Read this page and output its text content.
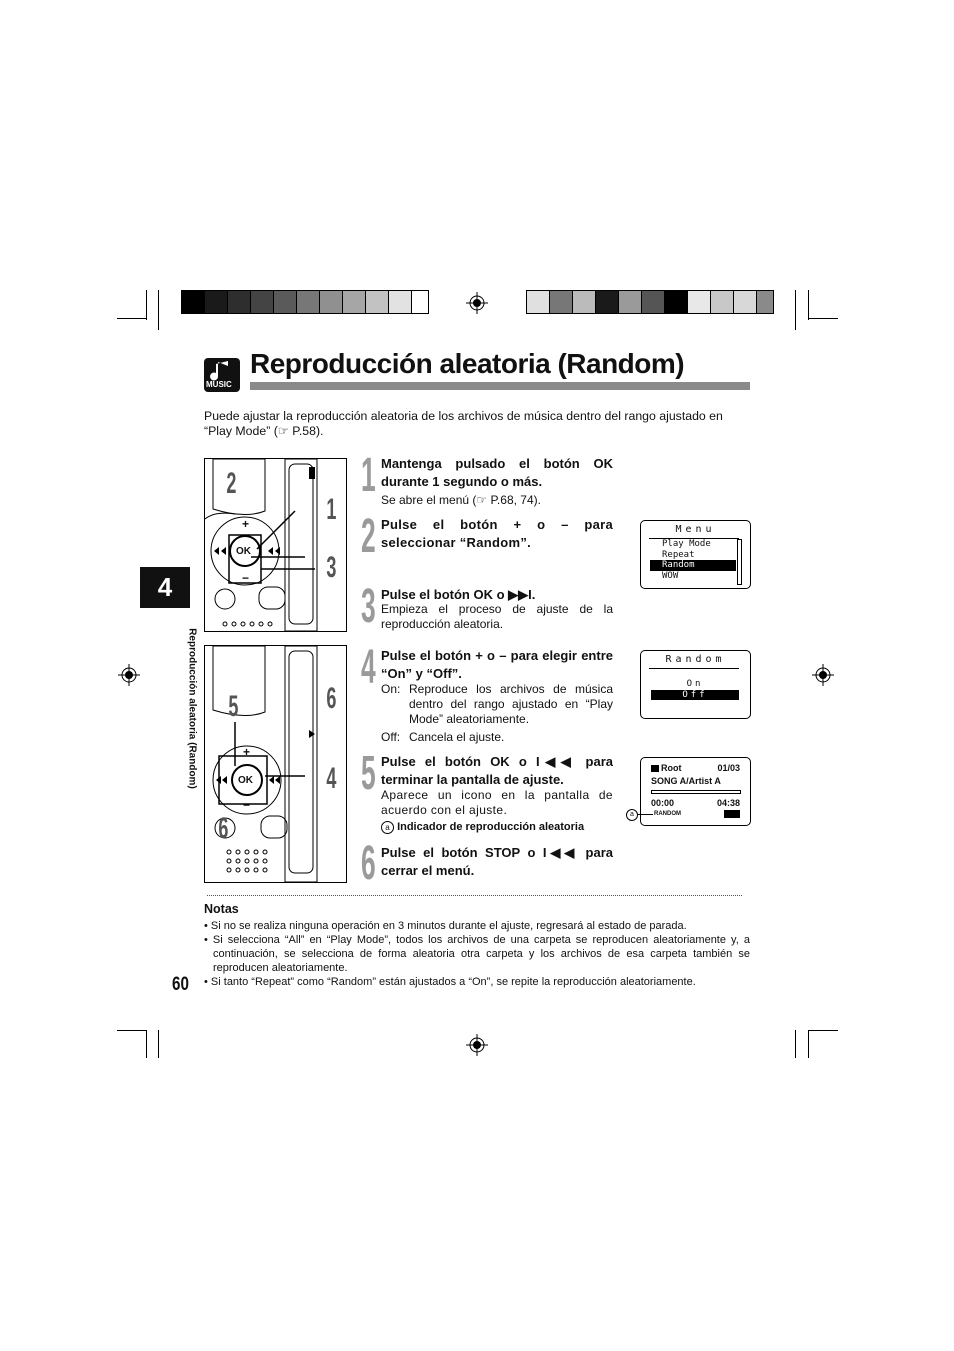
MUSIC
Reproducción aleatoria (Random)
Puede ajustar la reproducción aleatoria de los archivos de música dentro del rango ajustado en “Play Mode” (☞ P.58).
4
Reproducción aleatoria (Random)
60
OK
+
−
2
1
3
OK
+
−
5	6
4
6
1 Mantenga pulsado el botón OK durante 1 segundo o más.
Se abre el menú (☞ P.68, 74).
2 Pulse el botón + o – para seleccionar “Random”.
3 Pulse el botón OK o ▶▶I.
Empieza el proceso de ajuste de la reproducción aleatoria.
4 Pulse el botón + o – para elegir entre “On” y “Off”.
On: Reproduce los archivos de música dentro del rango ajustado en “Play Mode” aleatoriamente.
Off: Cancela el ajuste.
5 Pulse el botón OK o I◀◀ para terminar la pantalla de ajuste.
Aparece un icono en la pantalla de acuerdo con el ajuste.
a Indicador de reproducción aleatoria
6 Pulse el botón STOP o I◀◀ para cerrar el menú.
Menu
Play Mode
Repeat
Random
WOW
Random
On
Off
Root	01/03
SONG A/Artist A
00:00	04:38
RANDOM
a
Notas
• Si no se realiza ninguna operación en 3 minutos durante el ajuste, regresará al estado de parada.
• Si selecciona “All” en “Play Mode”, todos los archivos de una carpeta se reproducen aleatoriamente y, a continuación, se selecciona de forma aleatoria otra carpeta y los archivos de esa carpeta también se reproducen aleatoriamente.
• Si tanto “Repeat” como “Random” están ajustados a “On”, se repite la reproducción aleatoriamente.
